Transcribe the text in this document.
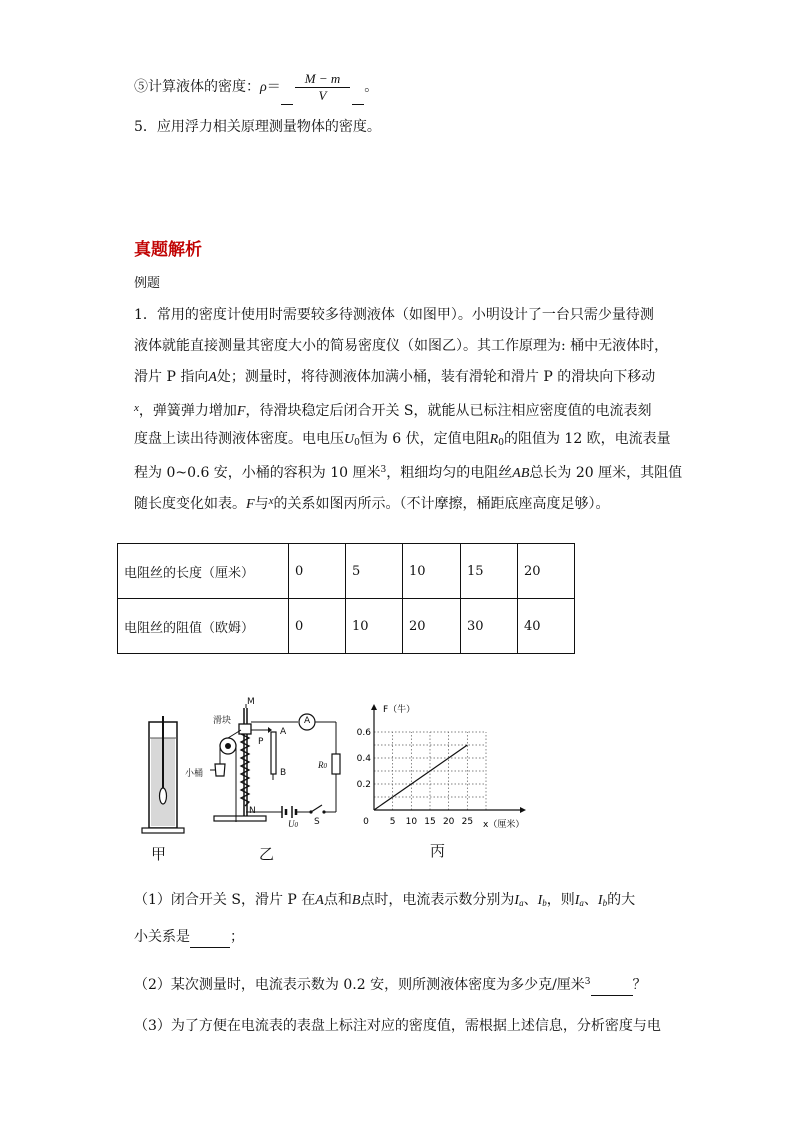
⑤计算液体的密度：$\rho= \frac{M - m}{V}$ 。
5．应用浮力相关原理测量物体的密度。
真题解析
例题
1．常用的密度计使用时需要较多待测液体（如图甲）。小明设计了一台只需少量待测
液体就能直接测量其密度大小的简易密度仪（如图乙）。其工作原理为: 桶中无液体时，
滑片 P 指向A处；测量时，将待测液体加满小桶，装有滑轮和滑片 P 的滑块向下移动
$^x$，弹簧弹力增加F，待滑块稳定后闭合开关 S，就能从已标注相应密度值的电流表刻
度盘上读出待测液体密度。电电压$U_0$恒为 6 伏，定值电阻$R_0$的阻值为 12 欧，电流表量
程为 0~0.6 安，小桶的容积为 10 厘米$^3$，粗细均匀的电阻丝AB总长为 20 厘米，其阻值
随长度变化如表。F与$^x$的关系如图丙所示。（不计摩擦，桶距底座高度足够）。
电阻丝的长度（厘米）	0	5	10	15	20
电阻丝的阻值（欧姆）	0	10	20	30	40
甲
滑块
小桶
M
N
P
A
B
A
R0
U0 S
乙
0 5 10 15 20 25
0.2
0.4
0.6
F（牛）
x（厘米）
丙
（1）闭合开关 S，滑片 P 在A点和B点时，电流表示数分别为$I_a$、$I_b$，则$I_a$、$I_b$的大
小关系是	；
（2）某次测量时，电流表示数为 0.2 安，则所测液体密度为多少克/厘米$^3$	？
（3）为了方便在电流表的表盘上标注对应的密度值，需根据上述信息，分析密度与电
